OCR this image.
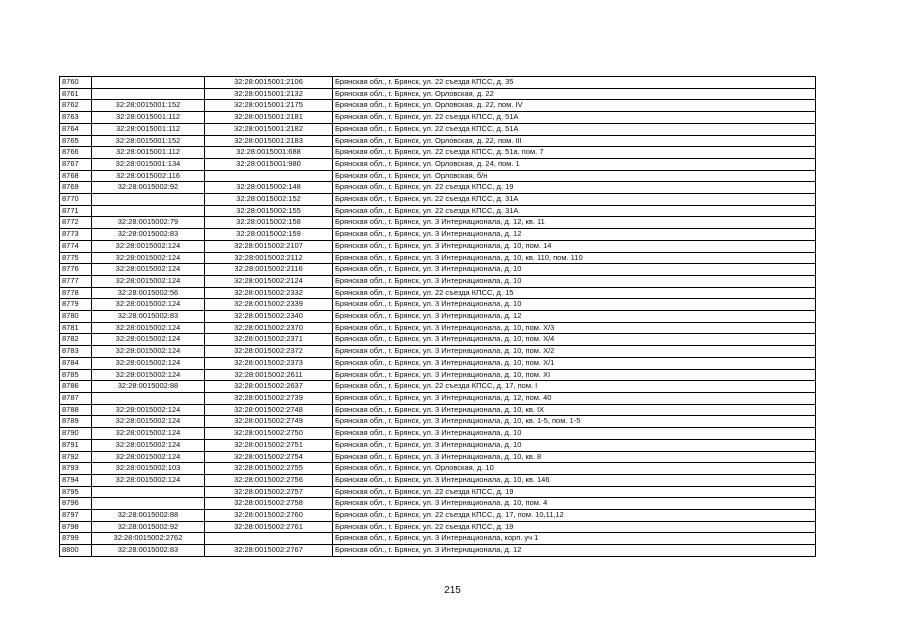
8760		32:28:0015001:2106	Брянская обл., г. Брянск, ул. 22 съезда КПСС, д. 35
8761		32:28:0015001:2132	Брянская обл., г. Брянск, ул. Орловская, д. 22
8762	32:28:0015001:152	32:28:0015001:2175	Брянская обл., г. Брянск, ул. Орловская, д. 22, пом. IV
8763	32:28:0015001:112	32:28:0015001:2181	Брянская обл., г. Брянск, ул. 22 съезда КПСС, д. 51А
8764	32:28:0015001:112	32:28:0015001:2182	Брянская обл., г. Брянск, ул. 22 съезда КПСС, д. 51А
8765	32:28:0015001:152	32:28:0015001:2183	Брянская обл., г. Брянск, ул. Орловская, д. 22, пом. III
8766	32:28:0015001:112	32:28:0015001:688	Брянская обл., г. Брянск, ул. 22 съезда КПСС, д. 51а, пом. 7
8767	32:28:0015001:134	32:28:0015001:980	Брянская обл., г. Брянск, ул. Орловская, д. 24, пом. 1
8768	32:28:0015002:116		Брянская обл., г. Брянск, ул. Орловская, б/н
8769	32:28:0015002:92	32:28:0015002:148	Брянская обл., г. Брянск, ул. 22 съезда КПСС, д. 19
8770		32:28:0015002:152	Брянская обл., г. Брянск, ул. 22 съезда КПСС, д. 31А
8771		32:28:0015002:155	Брянская обл., г. Брянск, ул. 22 съезда КПСС, д. 31А
8772	32:28:0015002:79	32:28:0015002:158	Брянская обл., г. Брянск, ул. 3 Интернационала, д. 12, кв. 11
8773	32:28:0015002:83	32:28:0015002:159	Брянская обл., г. Брянск, ул. 3 Интернационала, д. 12
8774	32:28:0015002:124	32:28:0015002:2107	Брянская обл., г. Брянск, ул. 3 Интернационала, д. 10, пом. 14
8775	32:28:0015002:124	32:28:0015002:2112	Брянская обл., г. Брянск, ул. 3 Интернационала, д. 10, кв. 110, пом. 110
8776	32:28:0015002:124	32:28:0015002:2116	Брянская обл., г. Брянск, ул. 3 Интернационала, д. 10
8777	32:28:0015002:124	32:28:0015002:2124	Брянская обл., г. Брянск, ул. 3 Интернационала, д. 10
8778	32:28:0015002:56	32:28:0015002:2332	Брянская обл., г. Брянск, ул. 22 съезда КПСС, д. 15
8779	32:28:0015002:124	32:28:0015002:2339	Брянская обл., г. Брянск, ул. 3 Интернационала, д. 10
8780	32:28:0015002:83	32:28:0015002:2340	Брянская обл., г. Брянск, ул. 3 Интернационала, д. 12
8781	32:28:0015002:124	32:28:0015002:2370	Брянская обл., г. Брянск, ул. 3 Интернационала, д. 10, пом. Х/3
8782	32:28:0015002:124	32:28:0015002:2371	Брянская обл., г. Брянск, ул. 3 Интернационала, д. 10, пом. Х/4
8783	32:28:0015002:124	32:28:0015002:2372	Брянская обл., г. Брянск, ул. 3 Интернационала, д. 10, пом. Х/2
8784	32:28:0015002:124	32:28:0015002:2373	Брянская обл., г. Брянск, ул. 3 Интернационала, д. 10, пом. Х/1
8785	32:28:0015002:124	32:28:0015002:2611	Брянская обл., г. Брянск, ул. 3 Интернационала, д. 10, пом. XI
8786	32:28:0015002:88	32:28:0015002:2637	Брянская обл., г. Брянск, ул. 22 съезда КПСС, д. 17, пом. I
8787		32:28:0015002:2739	Брянская обл., г. Брянск, ул. 3 Интернационала, д. 12, пом. 40
8788	32:28:0015002:124	32:28:0015002:2748	Брянская обл., г. Брянск, ул. 3 Интернационала, д. 10, кв. IX
8789	32:28:0015002:124	32:28:0015002:2749	Брянская обл., г. Брянск, ул. 3 Интернационала, д. 10, кв. 1-5, пом. 1-5
8790	32:28:0015002:124	32:28:0015002:2750	Брянская обл., г. Брянск, ул. 3 Интернационала, д. 10
8791	32:28:0015002:124	32:28:0015002:2751	Брянская обл., г. Брянск, ул. 3 Интернационала, д. 10
8792	32:28:0015002:124	32:28:0015002:2754	Брянская обл., г. Брянск, ул. 3 Интернационала, д. 10, кв. 8
8793	32:28:0015002:103	32:28:0015002:2755	Брянская обл., г. Брянск, ул. Орловская, д. 10
8794	32:28:0015002:124	32:28:0015002:2756	Брянская обл., г. Брянск, ул. 3 Интернационала, д. 10, кв. 146
8795		32:28:0015002:2757	Брянская обл., г. Брянск, ул. 22 съезда КПСС, д. 19
8796		32:28:0015002:2758	Брянская обл., г. Брянск, ул. 3 Интернационала, д. 10, пом. 4
8797	32:28:0015002:88	32:28:0015002:2760	Брянская обл., г. Брянск, ул. 22 съезда КПСС, д. 17, пом. 10,11,12
8798	32:28:0015002:92	32:28:0015002:2761	Брянская обл., г. Брянск, ул. 22 съезда КПСС, д. 19
8799	32:28:0015002:2762		Брянская обл., г. Брянск, ул. 3 Интернационала, корп. уч 1
8800	32:28:0015002:83	32:28:0015002:2767	Брянская обл., г. Брянск, ул. 3 Интернационала, д. 12
215
